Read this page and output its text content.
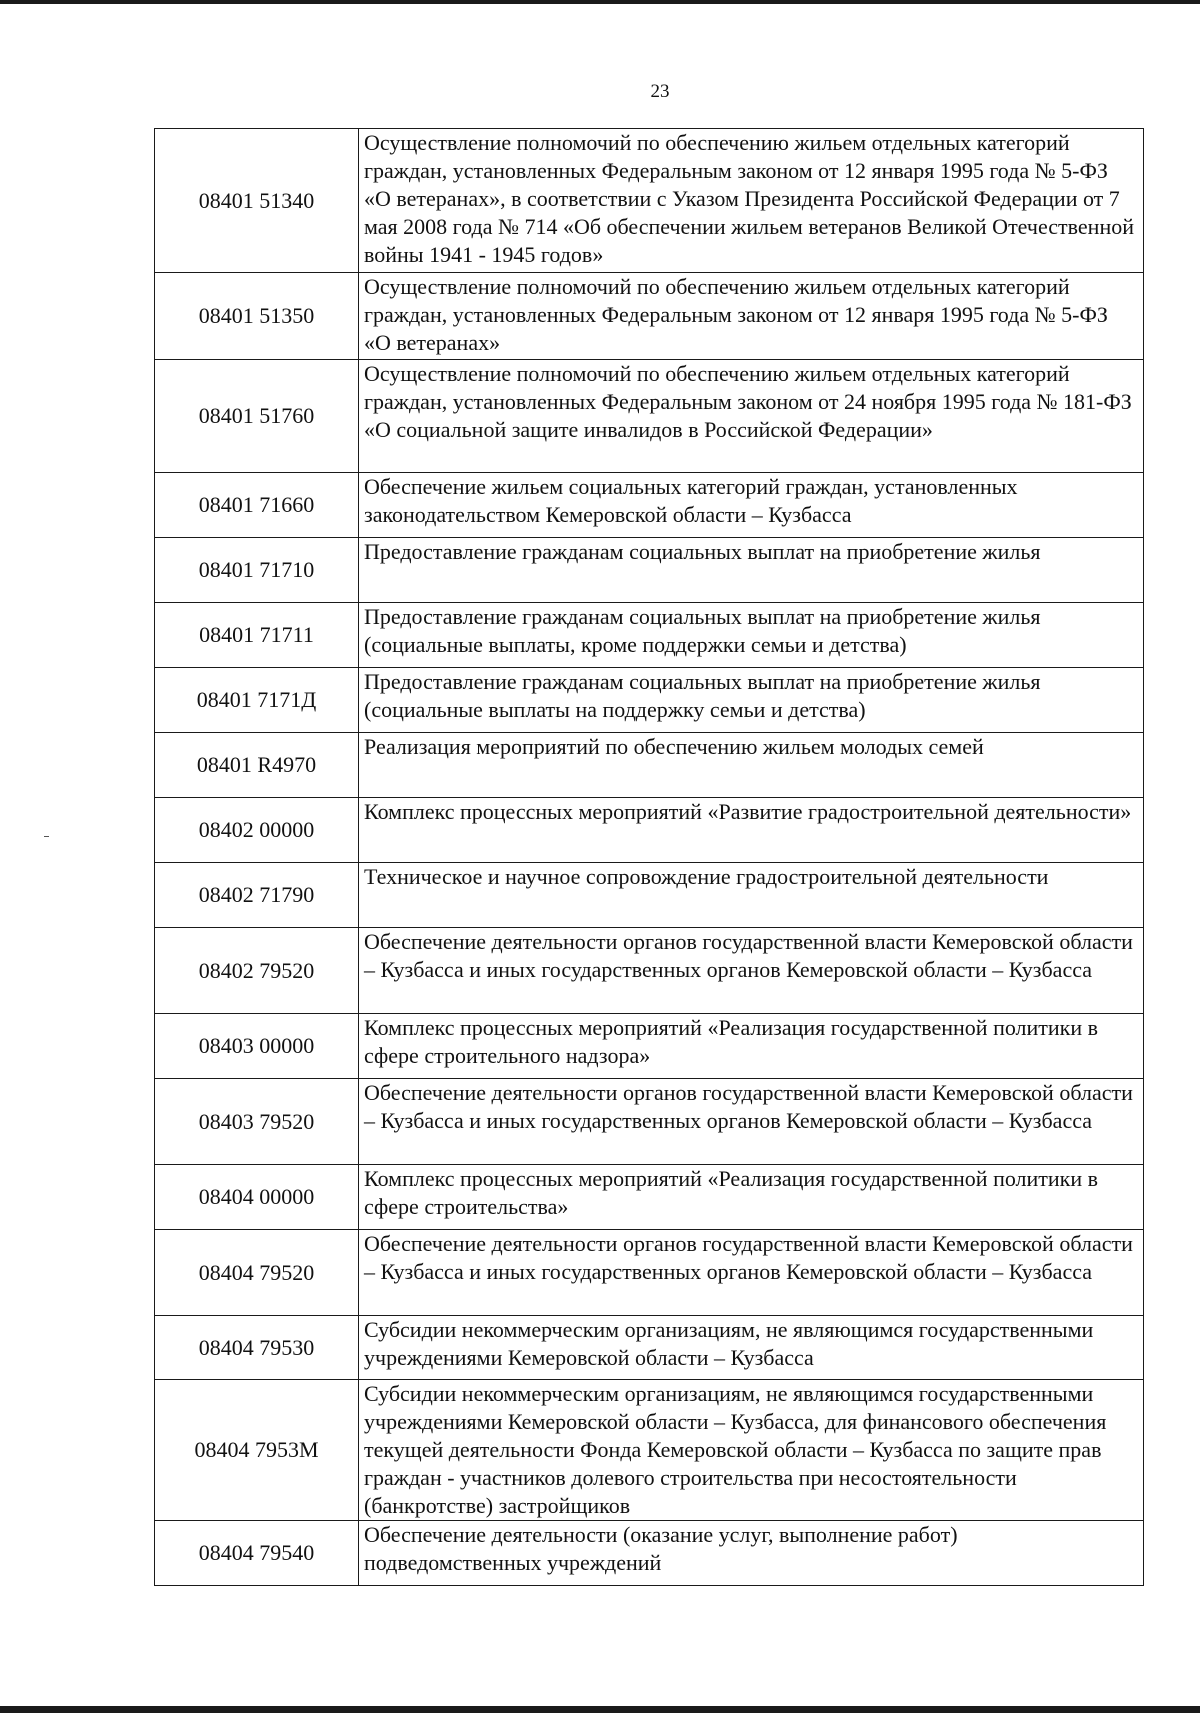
23
08401 51340	Осуществление полномочий по обеспечению жильем отдельных категорий граждан, установленных Федеральным законом от 12 января 1995 года № 5-ФЗ «О ветеранах», в соответствии с Указом Президента Российской Федерации от 7 мая 2008 года № 714 «Об обеспечении жильем ветеранов Великой Отечественной войны 1941 - 1945 годов»
08401 51350	Осуществление полномочий по обеспечению жильем отдельных категорий граждан, установленных Федеральным законом от 12 января 1995 года № 5-ФЗ «О ветеранах»
08401 51760	Осуществление полномочий по обеспечению жильем отдельных категорий граждан, установленных Федеральным законом от 24 ноября 1995 года № 181-ФЗ «О социальной защите инвалидов в Российской Федерации»
08401 71660	Обеспечение жильем социальных категорий граждан, установленных законодательством Кемеровской области – Кузбасса
08401 71710	Предоставление гражданам социальных выплат на приобретение жилья
08401 71711	Предоставление гражданам социальных выплат на приобретение жилья (социальные выплаты, кроме поддержки семьи и детства)
08401 7171Д	Предоставление гражданам социальных выплат на приобретение жилья (социальные выплаты на поддержку семьи и детства)
08401 R4970	Реализация мероприятий по обеспечению жильем молодых семей
08402 00000	Комплекс процессных мероприятий «Развитие градостроительной деятельности»
08402 71790	Техническое и научное сопровождение градостроительной деятельности
08402 79520	Обеспечение деятельности органов государственной власти Кемеровской области – Кузбасса и иных государственных органов Кемеровской области – Кузбасса
08403 00000	Комплекс процессных мероприятий «Реализация государственной политики в сфере строительного надзора»
08403 79520	Обеспечение деятельности органов государственной власти Кемеровской области – Кузбасса и иных государственных органов Кемеровской области – Кузбасса
08404 00000	Комплекс процессных мероприятий «Реализация государственной политики в сфере строительства»
08404 79520	Обеспечение деятельности органов государственной власти Кемеровской области – Кузбасса и иных государственных органов Кемеровской области – Кузбасса
08404 79530	Субсидии некоммерческим организациям, не являющимся государственными учреждениями Кемеровской области – Кузбасса
08404 7953М	Субсидии некоммерческим организациям, не являющимся государственными учреждениями Кемеровской области – Кузбасса, для финансового обеспечения текущей деятельности Фонда Кемеровской области – Кузбасса по защите прав граждан - участников долевого строительства при несостоятельности (банкротстве) застройщиков
08404 79540	Обеспечение деятельности (оказание услуг, выполнение работ) подведомственных учреждений
